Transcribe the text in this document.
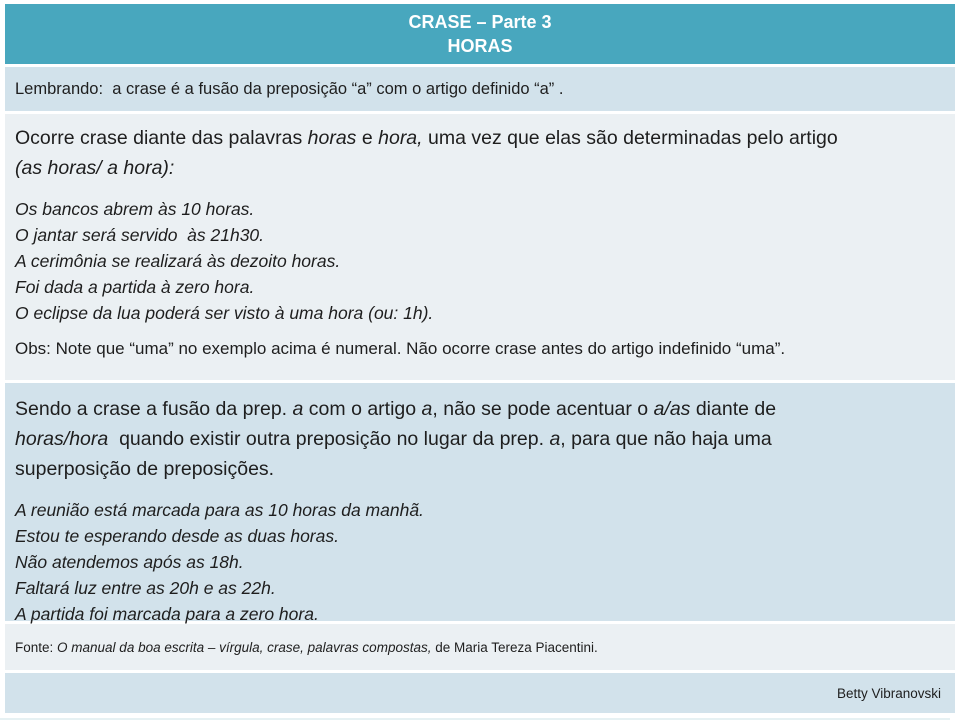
CRASE – Parte 3

HORAS

Lembrando:  a crase é a fusão da preposição “a” com o artigo definido “a” .

Ocorre crase diante das palavras horas e hora, uma vez que elas são determinadas pelo artigo

(as horas/ a hora):

Os bancos abrem às 10 horas.

O jantar será servido  às 21h30.

A cerimônia se realizará às dezoito horas.

Foi dada a partida à zero hora.

O eclipse da lua poderá ser visto à uma hora (ou: 1h).

Obs: Note que “uma” no exemplo acima é numeral. Não ocorre crase antes do artigo indefinido “uma”.

Sendo a crase a fusão da prep. a com o artigo a, não se pode acentuar o a/as diante de

horas/hora  quando existir outra preposição no lugar da prep. a, para que não haja uma

superposição de preposições.

A reunião está marcada para as 10 horas da manhã.

Estou te esperando desde as duas horas.

Não atendemos após as 18h.

Faltará luz entre as 20h e as 22h.

A partida foi marcada para a zero hora.

Fonte: O manual da boa escrita – vírgula, crase, palavras compostas, de Maria Tereza Piacentini.

Betty Vibranovski
